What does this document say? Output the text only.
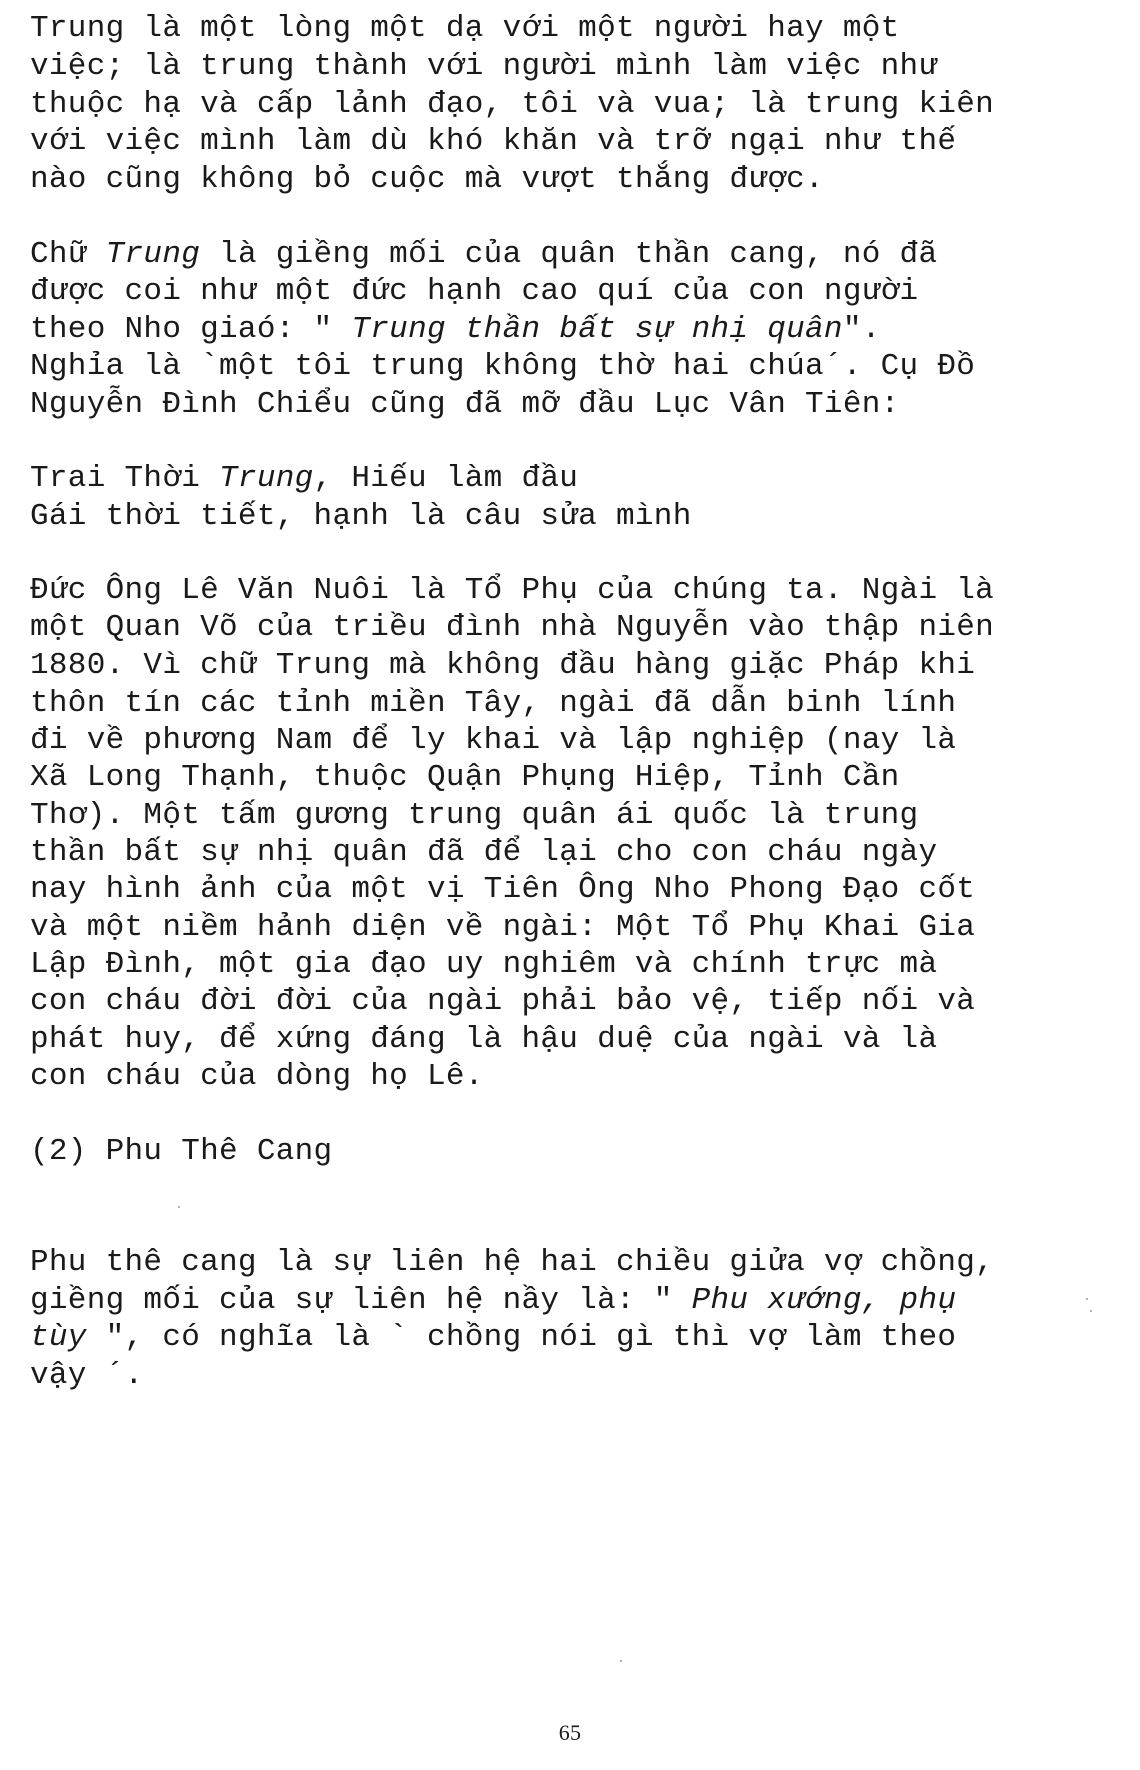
Trung là một lòng một dạ với một người hay một
việc; là trung thành với người mình làm việc như
thuộc hạ và cấp lảnh đạo, tôi và vua; là trung kiên
với việc mình làm dù khó khăn và trỡ ngại như thế
nào cũng không bỏ cuộc mà vượt thắng được.
Chữ Trung là giềng mối của quân thần cang, nó đã
được coi như một đức hạnh cao quí của con người
theo Nho giaó: " Trung thần bất sự nhị quân".
Nghỉa là `một tôi trung không thờ hai chúa´. Cụ Đồ
Nguyễn Đình Chiểu cũng đã mỡ đầu Lục Vân Tiên:
Trai Thời Trung, Hiếu làm đầu
Gái thời tiết, hạnh là câu sửa mình
Đức Ông Lê Văn Nuôi là Tổ Phụ của chúng ta. Ngài là
một Quan Võ của triều đình nhà Nguyễn vào thập niên
1880. Vì chữ Trung mà không đầu hàng giặc Pháp khi
thôn tín các tỉnh miền Tây, ngài đã dẫn binh lính
đi về phương Nam để ly khai và lập nghiệp (nay là
Xã Long Thạnh, thuộc Quận Phụng Hiệp, Tỉnh Cần
Thơ). Một tấm gương trung quân ái quốc là trung
thần bất sự nhị quân đã để lại cho con cháu ngày
nay hình ảnh của một vị Tiên Ông Nho Phong Đạo cốt
và một niềm hảnh diện về ngài: Một Tổ Phụ Khai Gia
Lập Đình, một gia đạo uy nghiêm và chính trực mà
con cháu đời đời của ngài phải bảo vệ, tiếp nối và
phát huy, để xứng đáng là hậu duệ của ngài và là
con cháu của dòng họ Lê.
(2) Phu Thê Cang
Phu thê cang là sự liên hệ hai chiều giửa vợ chồng,
giềng mối của sự liên hệ nầy là: " Phu xướng, phụ
tùy ", có nghĩa là ` chồng nói gì thì vợ làm theo
vậy ´.
65
